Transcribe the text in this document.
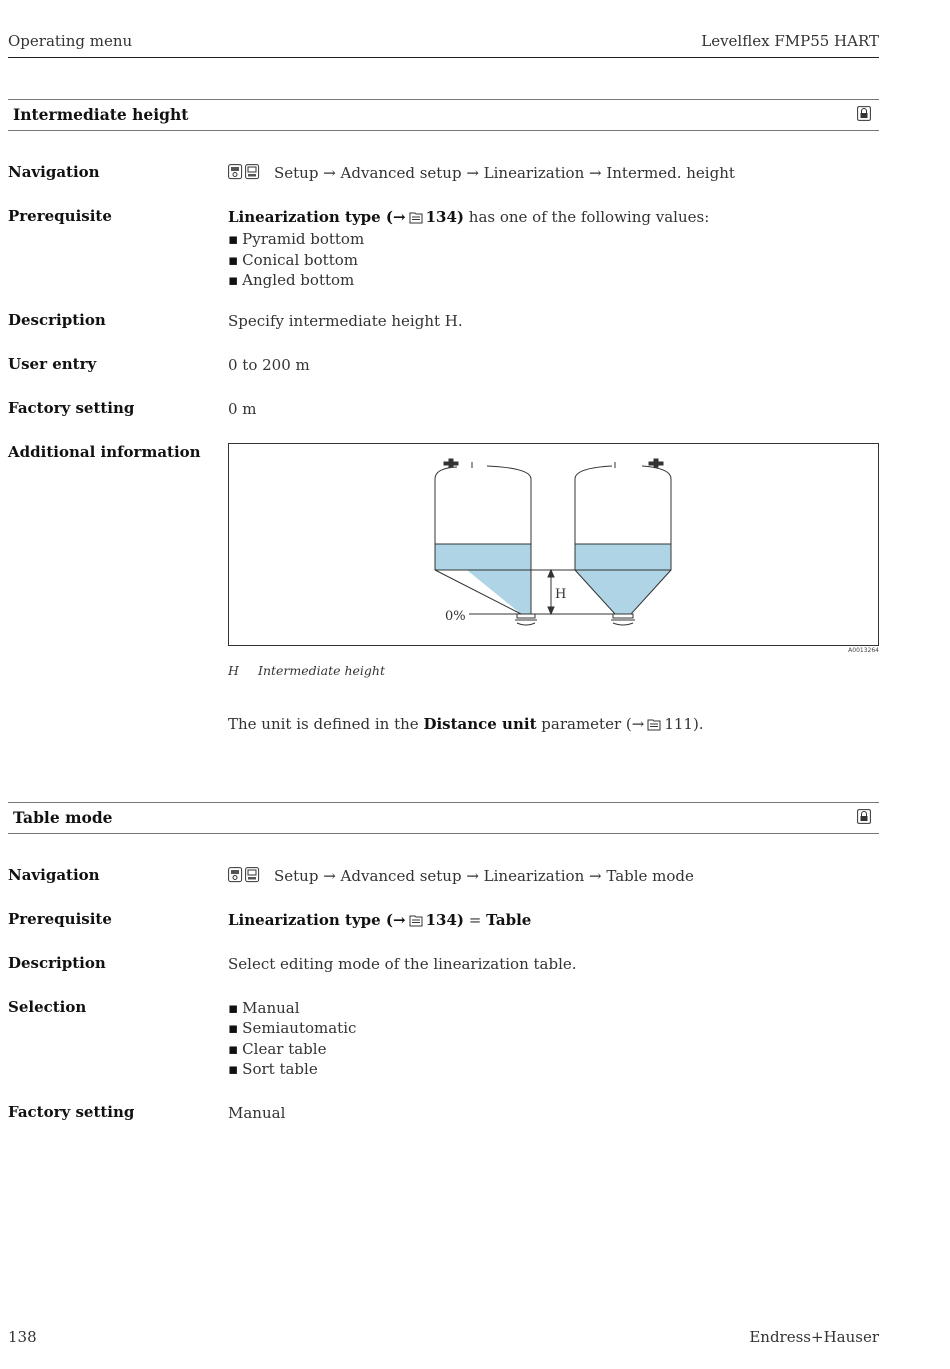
Operating menu	Levelflex FMP55 HART
Intermediate height
Navigation	Setup → Advanced setup → Linearization → Intermed. height
Prerequisite	Linearization type (→ 134) has one of the following values:
▪ Pyramid bottom
▪ Conical bottom
▪ Angled bottom
Description	Specify intermediate height H.
User entry	0 to 200 m
Factory setting	0 m
Additional information
H
0%
A0013264
H Intermediate height
The unit is defined in the Distance unit parameter (→ 111).
Table mode
Navigation	Setup → Advanced setup → Linearization → Table mode
Prerequisite	Linearization type (→ 134) = Table
Description	Select editing mode of the linearization table.
Selection
▪	Manual
▪ Semiautomatic
▪ Clear table
▪ Sort table
Factory setting	Manual
138	Endress+Hauser
